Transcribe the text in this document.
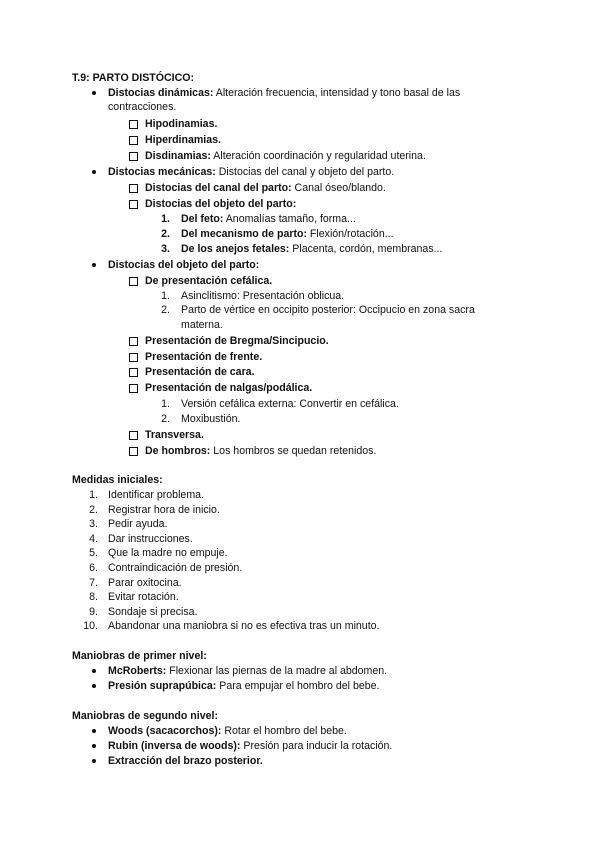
T.9: PARTO DISTÓCICO:
Distocias dinámicas: Alteración frecuencia, intensidad y tono basal de las
contracciones.
Hipodinamias.
Hiperdinamias.
Disdinamias: Alteración coordinación y regularidad uterina.
Distocias mecánicas: Distocias del canal y objeto del parto.
Distocias del canal del parto: Canal óseo/blando.
Distocias del objeto del parto:
1. Del feto: Anomalías tamaño, forma...
2. Del mecanismo de parto: Flexión/rotación...
3. De los anejos fetales: Placenta, cordón, membranas...
Distocias del objeto del parto:
De presentación cefálica.
1. Asinclitismo: Presentación oblicua.
2. Parto de vértice en occipito posterior: Occipucio en zona sacra
materna.
Presentación de Bregma/Sincipucio.
Presentación de frente.
Presentación de cara.
Presentación de nalgas/podálica.
1. Versión cefálica externa: Convertir en cefálica.
2. Moxibustión.
Transversa.
De hombros: Los hombros se quedan retenidos.
Medidas iniciales:
1. Identificar problema.
2. Registrar hora de inicio.
3. Pedir ayuda.
4. Dar instrucciones.
5. Que la madre no empuje.
6. Contraindicación de presión.
7. Parar oxitocina.
8. Evitar rotación.
9. Sondaje si precisa.
10. Abandonar una maniobra si no es efectiva tras un minuto.
Maniobras de primer nivel:
McRoberts: Flexionar las piernas de la madre al abdomen.
Presión suprapúbica: Para empujar el hombro del bebe.
Maniobras de segundo nivel:
Woods (sacacorchos): Rotar el hombro del bebe.
Rubin (inversa de woods): Presión para inducir la rotación.
Extracción del brazo posterior.
